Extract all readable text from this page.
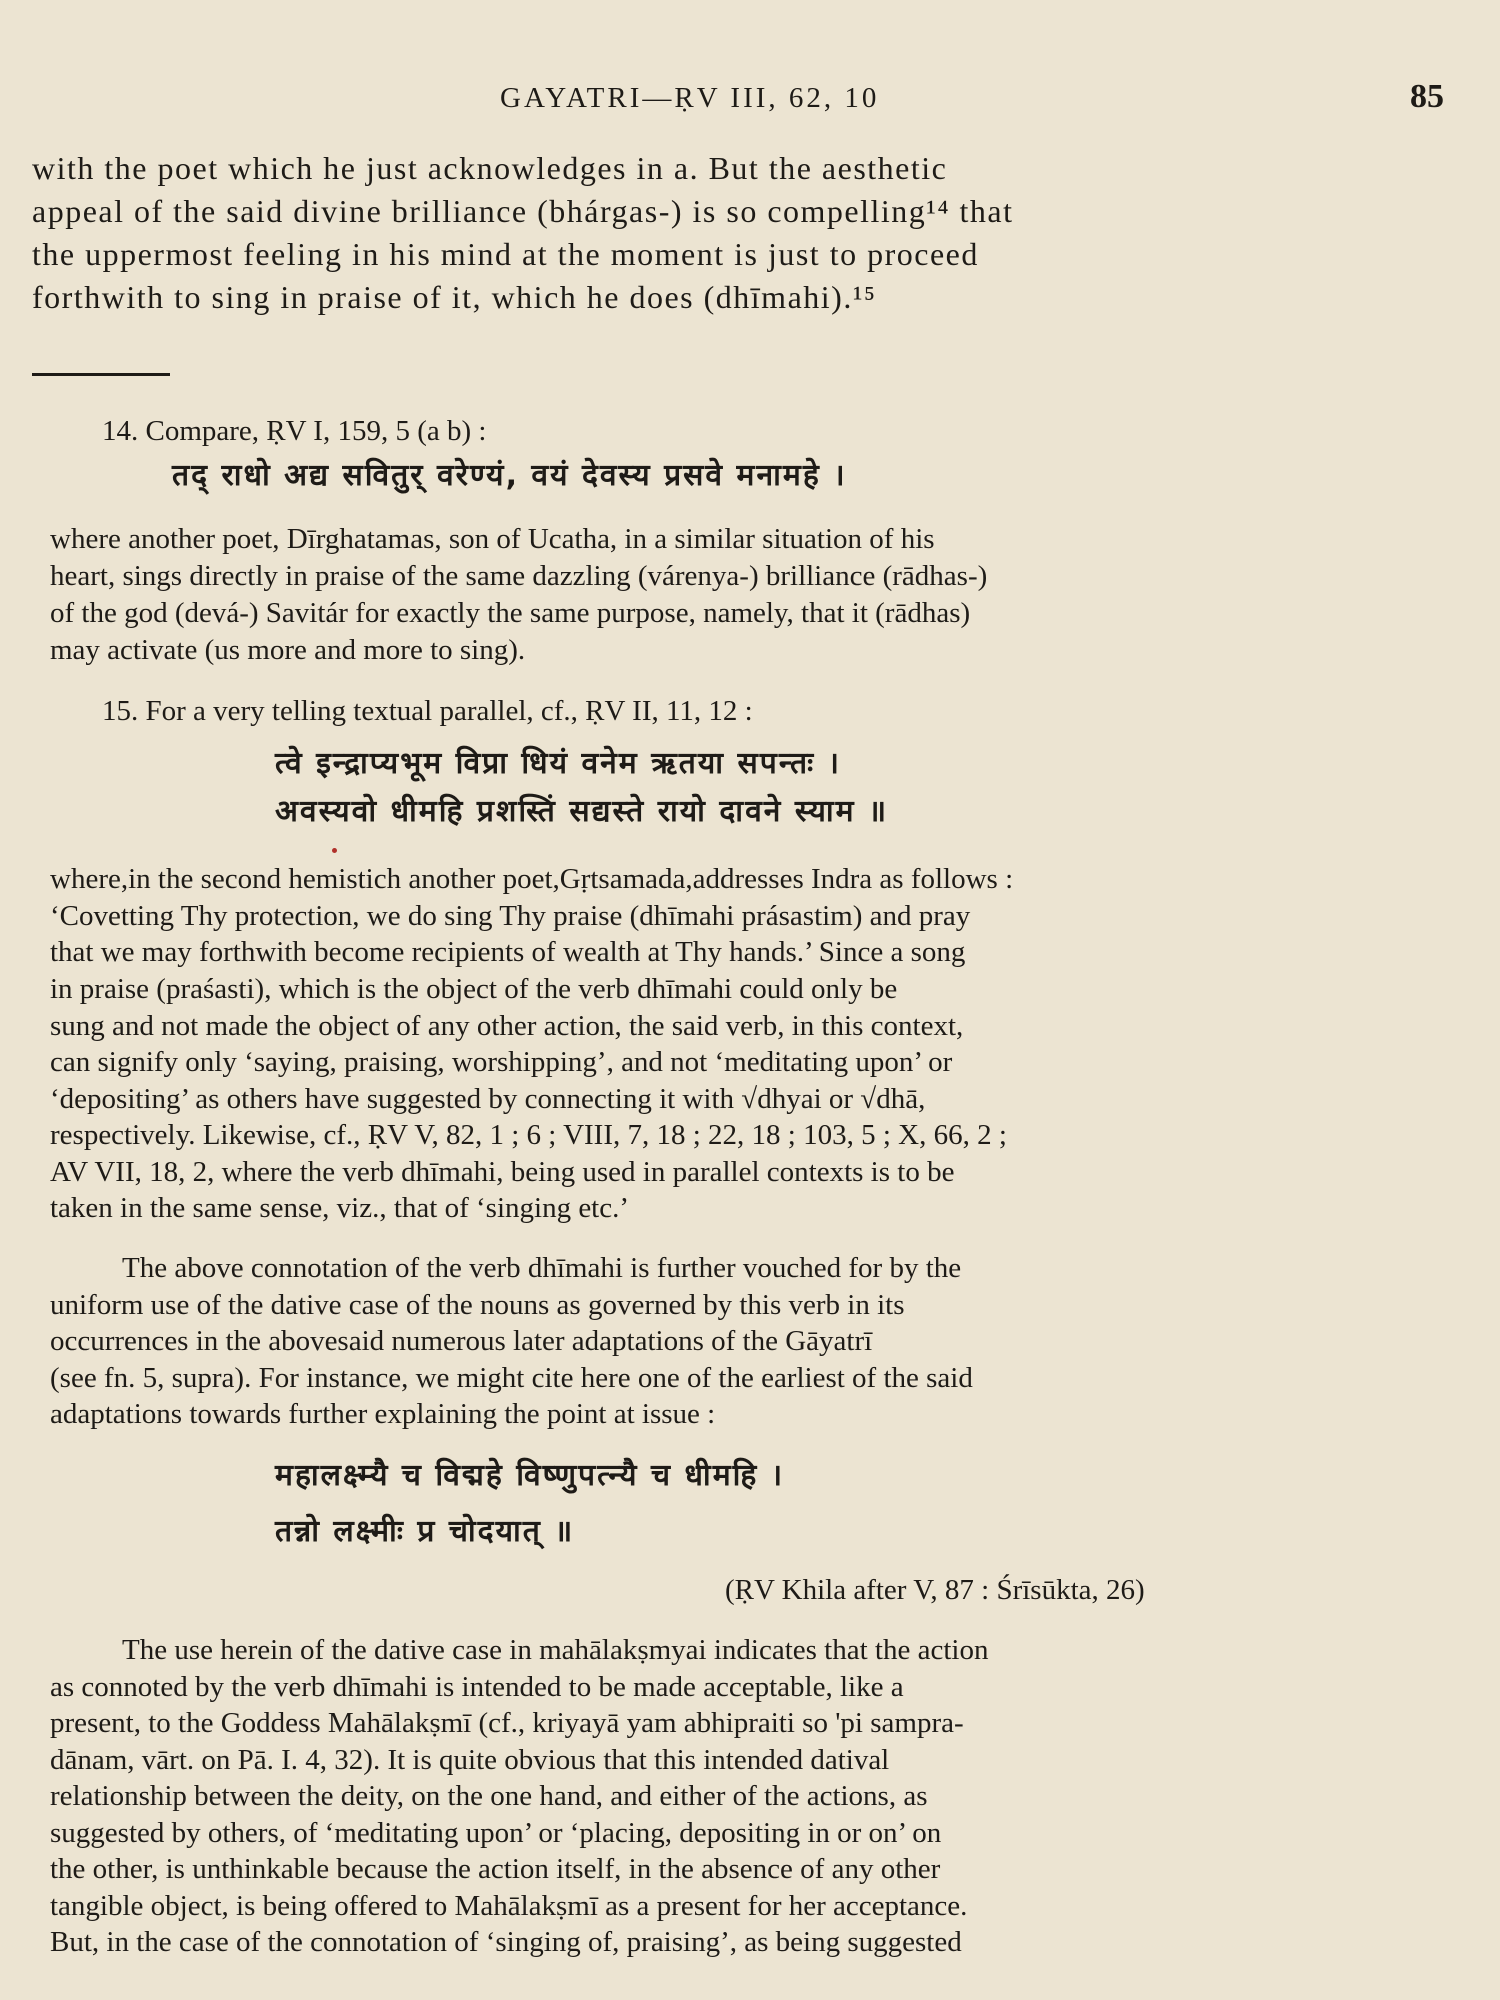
GAYATRI—ṚV III, 62, 10	85
with the poet which he just acknowledges in a. But the aesthetic
appeal of the said divine brilliance (bhárgas-) is so compelling¹⁴ that
the uppermost feeling in his mind at the moment is just to proceed
forthwith to sing in praise of it, which he does (dhīmahi).¹⁵
14. Compare, ṚV I, 159, 5 (a b) :
तद् राधो अद्य सवितुर् वरेण्यं, वयं देवस्य प्रसवे मनामहे ।
where another poet, Dīrghatamas, son of Ucatha, in a similar situation of his
heart, sings directly in praise of the same dazzling (várenya-) brilliance (rādhas-)
of the god (devá-) Savitár for exactly the same purpose, namely, that it (rādhas)
may activate (us more and more to sing).
15. For a very telling textual parallel, cf., ṚV II, 11, 12 :
त्वे इन्द्राप्यभूम विप्रा धियं वनेम ऋतया सपन्तः ।
अवस्यवो धीमहि प्रशस्तिं सद्यस्ते रायो दावने स्याम ॥
where,in the second hemistich another poet,Gṛtsamada,addresses Indra as follows :
‘Covetting Thy protection, we do sing Thy praise (dhīmahi prásastim) and pray
that we may forthwith become recipients of wealth at Thy hands.’ Since a song
in praise (praśasti), which is the object of the verb dhīmahi could only be
sung and not made the object of any other action, the said verb, in this context,
can signify only ‘saying, praising, worshipping’, and not ‘meditating upon’ or
‘depositing’ as others have suggested by connecting it with √dhyai or √dhā,
respectively. Likewise, cf., ṚV V, 82, 1 ; 6 ; VIII, 7, 18 ; 22, 18 ; 103, 5 ; X, 66, 2 ;
AV VII, 18, 2, where the verb dhīmahi, being used in parallel contexts is to be
taken in the same sense, viz., that of ‘singing etc.’
The above connotation of the verb dhīmahi is further vouched for by the
uniform use of the dative case of the nouns as governed by this verb in its
occurrences in the abovesaid numerous later adaptations of the Gāyatrī
(see fn. 5, supra). For instance, we might cite here one of the earliest of the said
adaptations towards further explaining the point at issue :
महालक्ष्म्यै च विद्महे विष्णुपत्न्यै च धीमहि ।
तन्नो लक्ष्मीः प्र चोदयात् ॥
(ṚV Khila after V, 87 : Śrīsūkta, 26)
The use herein of the dative case in mahālakṣmyai indicates that the action
as connoted by the verb dhīmahi is intended to be made acceptable, like a
present, to the Goddess Mahālakṣmī (cf., kriyayā yam abhipraiti so 'pi sampra-
dānam, vārt. on Pā. I. 4, 32). It is quite obvious that this intended datival
relationship between the deity, on the one hand, and either of the actions, as
suggested by others, of ‘meditating upon’ or ‘placing, depositing in or on’ on
the other, is unthinkable because the action itself, in the absence of any other
tangible object, is being offered to Mahālakṣmī as a present for her acceptance.
But, in the case of the connotation of ‘singing of, praising’, as being suggested
